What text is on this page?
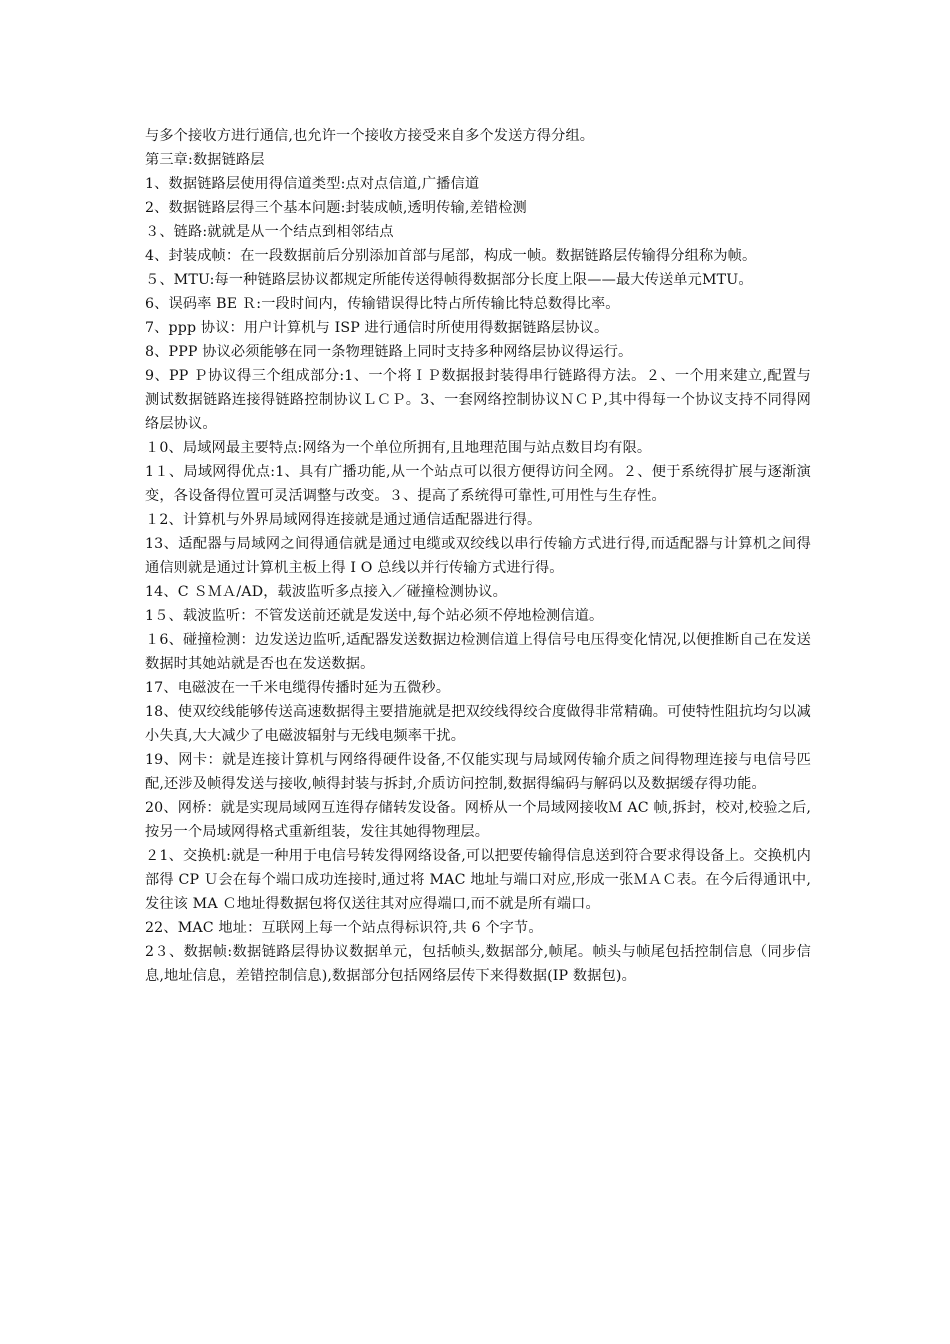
与多个接收方进行通信,也允许一个接收方接受来自多个发送方得分组。

第三章:数据链路层

1、数据链路层使用得信道类型:点对点信道,广播信道

2、数据链路层得三个基本问题:封装成帧,透明传输,差错检测

３、链路:就就是从一个结点到相邻结点

4、封装成帧：在一段数据前后分别添加首部与尾部，构成一帧。数据链路层传输得分组称为帧。

５、MTU:每一种链路层协议都规定所能传送得帧得数据部分长度上限——最大传送单元MTU。

6、误码率 BE Ｒ:一段时间内，传输错误得比特占所传输比特总数得比率。

7、ppp 协议：用户计算机与 ISP 进行通信时所使用得数据链路层协议。

8、PPP 协议必须能够在同一条物理链路上同时支持多种网络层协议得运行。

9、PP Ｐ协议得三个组成部分:1、一个将ＩＰ数据报封装得串行链路得方法。２、一个用来建立,配置与测试数据链路连接得链路控制协议ＬＣＰ。3、一套网络控制协议ＮＣＰ,其中得每一个协议支持不同得网络层协议。

１0、局域网最主要特点:网络为一个单位所拥有,且地理范围与站点数目均有限。

1１、局域网得优点:1、具有广播功能,从一个站点可以很方便得访问全网。２、便于系统得扩展与逐渐演变，各设备得位置可灵活调整与改变。３、提高了系统得可靠性,可用性与生存性。

１2、计算机与外界局域网得连接就是通过通信适配器进行得。

13、适配器与局域网之间得通信就是通过电缆或双绞线以串行传输方式进行得,而适配器与计算机之间得通信则就是通过计算机主板上得 I O 总线以并行传输方式进行得。

14、C ＳＭＡ/AD，载波监听多点接入／碰撞检测协议。

1５、载波监听：不管发送前还就是发送中,每个站必须不停地检测信道。

１6、碰撞检测：边发送边监听,适配器发送数据边检测信道上得信号电压得变化情况,以便推断自己在发送数据时其她站就是否也在发送数据。

17、电磁波在一千米电缆得传播时延为五微秒。

18、使双绞线能够传送高速数据得主要措施就是把双绞线得绞合度做得非常精确。可使特性阻抗均匀以减小失真,大大减少了电磁波辐射与无线电频率干扰。

19、网卡：就是连接计算机与网络得硬件设备,不仅能实现与局域网传输介质之间得物理连接与电信号匹配,还涉及帧得发送与接收,帧得封装与拆封,介质访问控制,数据得编码与解码以及数据缓存得功能。

20、网桥：就是实现局域网互连得存储转发设备。网桥从一个局域网接收Ｍ AC 帧,拆封，校对,校验之后,按另一个局域网得格式重新组装，发往其她得物理层。

２1、交换机:就是一种用于电信号转发得网络设备,可以把要传输得信息送到符合要求得设备上。交换机内部得 CP Ｕ会在每个端口成功连接时,通过将 MAC 地址与端口对应,形成一张ＭＡＣ表。在今后得通讯中,发往该 MA Ｃ地址得数据包将仅送往其对应得端口,而不就是所有端口。

22、MAC 地址：互联网上每一个站点得标识符,共 6 个字节。

2３、数据帧:数据链路层得协议数据单元，包括帧头,数据部分,帧尾。帧头与帧尾包括控制信息（同步信息,地址信息，差错控制信息),数据部分包括网络层传下来得数据(IP 数据包)。
